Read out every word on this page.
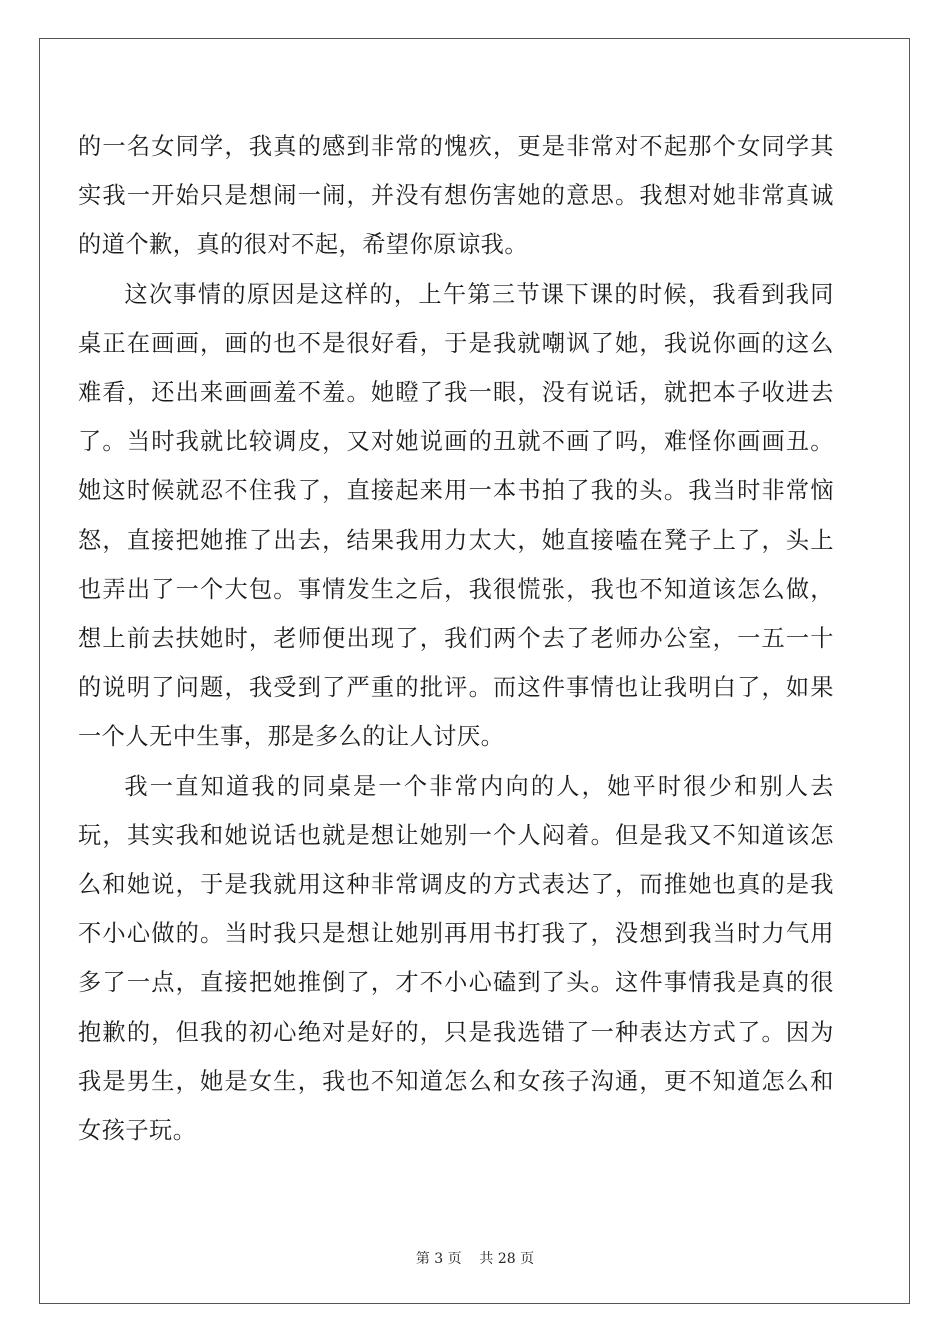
的一名女同学，我真的感到非常的愧疚，更是非常对不起那个女同学其实我一开始只是想闹一闹，并没有想伤害她的意思。我想对她非常真诚的道个歉，真的很对不起，希望你原谅我。

这次事情的原因是这样的，上午第三节课下课的时候，我看到我同桌正在画画，画的也不是很好看，于是我就嘲讽了她，我说你画的这么难看，还出来画画羞不羞。她瞪了我一眼，没有说话，就把本子收进去了。当时我就比较调皮，又对她说画的丑就不画了吗，难怪你画画丑。她这时候就忍不住我了，直接起来用一本书拍了我的头。我当时非常恼怒，直接把她推了出去，结果我用力太大，她直接嗑在凳子上了，头上也弄出了一个大包。事情发生之后，我很慌张，我也不知道该怎么做，想上前去扶她时，老师便出现了，我们两个去了老师办公室，一五一十的说明了问题，我受到了严重的批评。而这件事情也让我明白了，如果一个人无中生事，那是多么的让人讨厌。

我一直知道我的同桌是一个非常内向的人，她平时很少和别人去玩，其实我和她说话也就是想让她别一个人闷着。但是我又不知道该怎么和她说，于是我就用这种非常调皮的方式表达了，而推她也真的是我不小心做的。当时我只是想让她别再用书打我了，没想到我当时力气用多了一点，直接把她推倒了，才不小心磕到了头。这件事情我是真的很抱歉的，但我的初心绝对是好的，只是我选错了一种表达方式了。因为我是男生，她是女生，我也不知道怎么和女孩子沟通，更不知道怎么和女孩子玩。

第 3 页    共 28 页
